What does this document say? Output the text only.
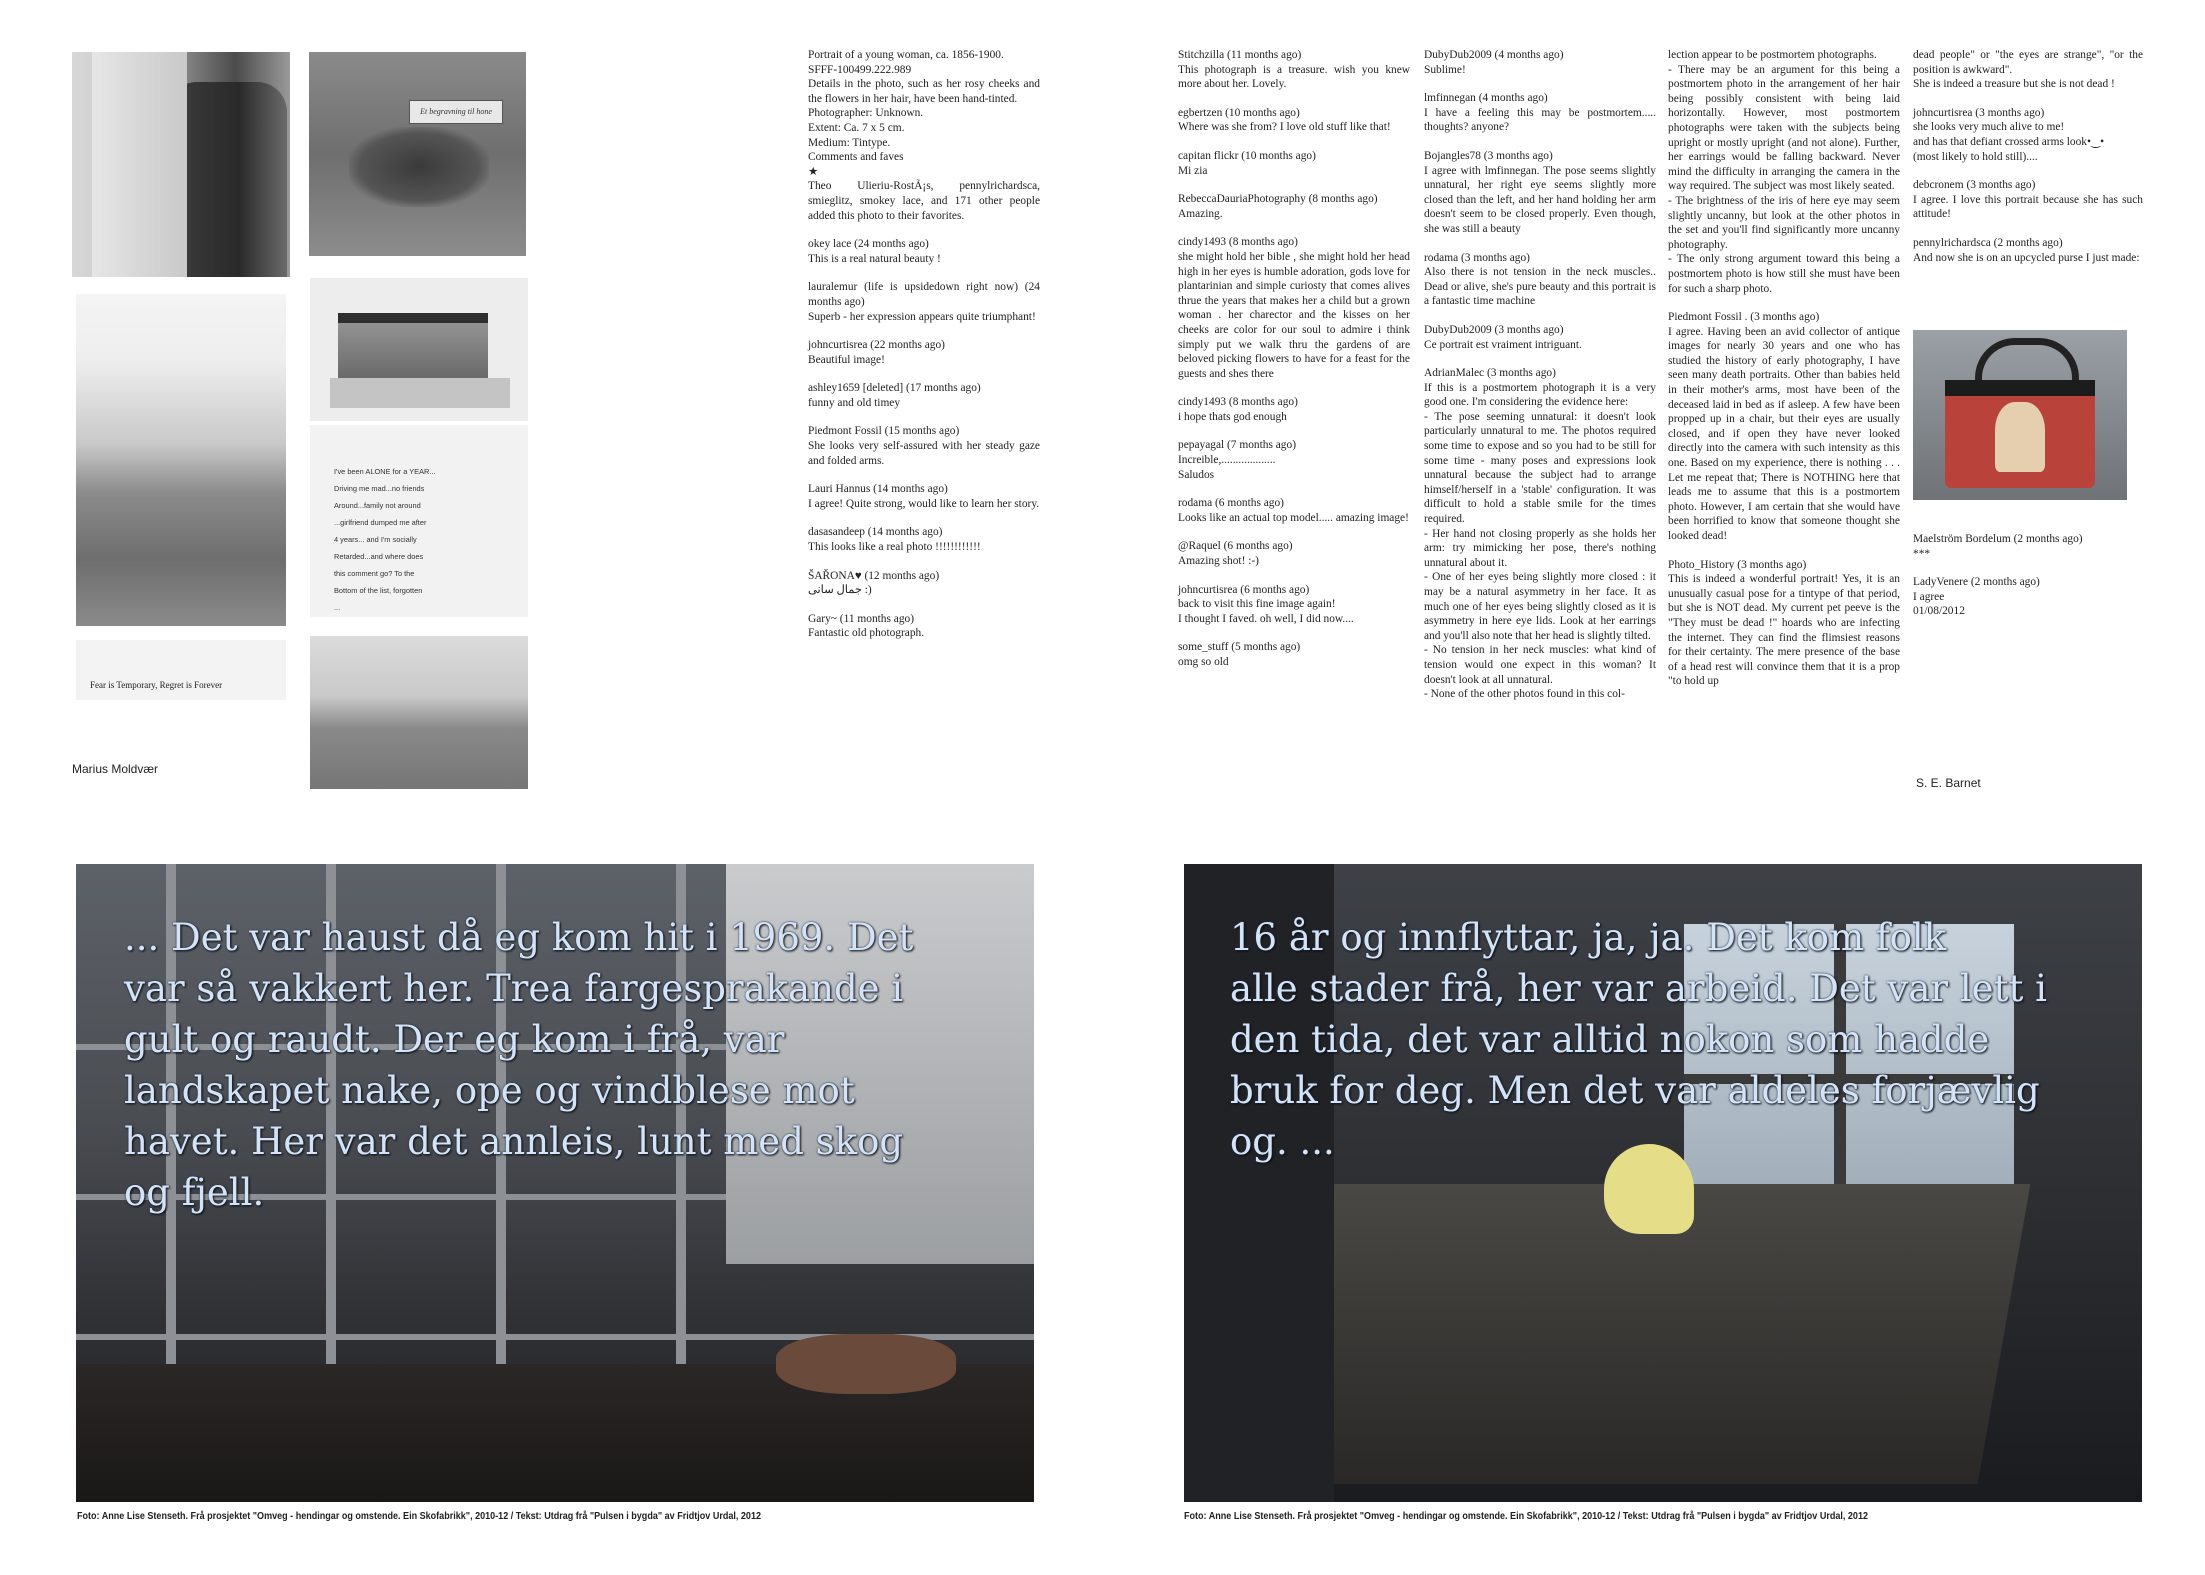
Et begravning til hone
Fear is Temporary, Regret is Forever
I've been ALONE for a YEAR...
Driving me mad...no friends
Around...family not around
...girlfriend dumped me after
4 years... and I'm socially
Retarded...and where does
this comment go? To the
Bottom of the list, forgotten
...
Marius Moldvær

Portrait of a young woman, ca. 1856-1900.
SFFF-100499.222.989
Details in the photo, such as her rosy cheeks and the flowers in her hair, have been hand-tinted.
Photographer: Unknown.
Extent: Ca. 7 x 5 cm.
Medium: Tintype.
Comments and faves
★
Theo Ulieriu-RostÃ¡s, pennylrichardsca, smieglitz, smokey lace, and 171 other people added this photo to their favorites.

okey lace (24 months ago)
This is a real natural beauty !

lauralemur (life is upsidedown right now) (24 months ago)
Superb - her expression appears quite triumphant!

johncurtisrea (22 months ago)
Beautiful image!

ashley1659 [deleted] (17 months ago)
funny and old timey

Piedmont Fossil (15 months ago)
She looks very self-assured with her steady gaze and folded arms.

Lauri Hannus (14 months ago)
I agree! Quite strong, would like to learn her story.

dasasandeep (14 months ago)
This looks like a real photo !!!!!!!!!!!!

ŠΑŘΟΝΑ♥ (12 months ago)
جمال سانی :)

Gary~ (11 months ago)
Fantastic old photograph.

Stitchzilla (11 months ago)
This photograph is a treasure. wish you knew more about her. Lovely.

egbertzen (10 months ago)
Where was she from? I love old stuff like that!

capitan flickr (10 months ago)
Mi zia

RebeccaDauriaPhotography (8 months ago)
Amazing.

cindy1493 (8 months ago)
she might hold her bible , she might hold her head high in her eyes is humble adoration, gods love for plantarinian and simple curiosty that comes alives thrue the years that makes her a child but a grown woman . her charector and the kisses on her cheeks are color for our soul to admire i think simply put we walk thru the gardens of are beloved picking flowers to have for a feast for the guests and shes there

cindy1493 (8 months ago)
i hope thats god enough

pepayagal (7 months ago)
Increible,...................
Saludos

rodama (6 months ago)
Looks like an actual top model..... amazing image!

@Raquel (6 months ago)
Amazing shot! :-)

johncurtisrea (6 months ago)
back to visit this fine image again!
I thought I faved. oh well, I did now....

some_stuff (5 months ago)
omg so old

DubyDub2009 (4 months ago)
Sublime!

lmfinnegan (4 months ago)
I have a feeling this may be postmortem..... thoughts? anyone?

Bojangles78 (3 months ago)
I agree with lmfinnegan. The pose seems slightly unnatural, her right eye seems slightly more closed than the left, and her hand holding her arm doesn't seem to be closed properly. Even though, she was still a beauty

rodama (3 months ago)
Also there is not tension in the neck muscles.. Dead or alive, she's pure beauty and this portrait is a fantastic time machine

DubyDub2009 (3 months ago)
Ce portrait est vraiment intriguant.

AdrianMalec (3 months ago)
If this is a postmortem photograph it is a very good one. I'm considering the evidence here:
- The pose seeming unnatural: it doesn't look particularly unnatural to me. The photos required some time to expose and so you had to be still for some time - many poses and expressions look unnatural because the subject had to arrange himself/herself in a 'stable' configuration. It was difficult to hold a stable smile for the times required.
- Her hand not closing properly as she holds her arm: try mimicking her pose, there's nothing unnatural about it.
- One of her eyes being slightly more closed : it may be a natural asymmetry in her face. It as much one of her eyes being slightly closed as it is asymmetry in here eye lids. Look at her earrings and you'll also note that her head is slightly tilted.
- No tension in her neck muscles: what kind of tension would one expect in this woman? It doesn't look at all unnatural.
- None of the other photos found in this col-

lection appear to be postmortem photographs.
- There may be an argument for this being a postmortem photo in the arrangement of her hair being possibly consistent with being laid horizontally. However, most postmortem photographs were taken with the subjects being upright or mostly upright (and not alone). Further, her earrings would be falling backward. Never mind the difficulty in arranging the camera in the way required. The subject was most likely seated.
- The brightness of the iris of here eye may seem slightly uncanny, but look at the other photos in the set and you'll find significantly more uncanny photography.
- The only strong argument toward this being a postmortem photo is how still she must have been for such a sharp photo.

Piedmont Fossil . (3 months ago)
I agree. Having been an avid collector of antique images for nearly 30 years and one who has studied the history of early photography, I have seen many death portraits. Other than babies held in their mother's arms, most have been of the deceased laid in bed as if asleep. A few have been propped up in a chair, but their eyes are usually closed, and if open they have never looked directly into the camera with such intensity as this one. Based on my experience, there is nothing . . . Let me repeat that; There is NOTHING here that leads me to assume that this is a postmortem photo. However, I am certain that she would have been horrified to know that someone thought she looked dead!

Photo_History (3 months ago)
This is indeed a wonderful portrait! Yes, it is an unusually casual pose for a tintype of that period, but she is NOT dead. My current pet peeve is the "They must be dead !" hoards who are infecting the internet. They can find the flimsiest reasons for their certainty. The mere presence of the base of a head rest will convince them that it is a prop "to hold up

dead people" or "the eyes are strange", "or the position is awkward".
She is indeed a treasure but she is not dead !

johncurtisrea (3 months ago)
she looks very much alive to me!
and has that defiant crossed arms look•‿•
(most likely to hold still)....

debcronem (3 months ago)
I agree. I love this portrait because she has such attitude!

pennylrichardsca (2 months ago)
And now she is on an upcycled purse I just made:

Maelström Bordelum (2 months ago)
***

LadyVenere (2 months ago)
I agree
01/08/2012

S. E. Barnet
... Det var haust då eg kom hit i 1969. Det
var så vakkert her. Trea fargesprakande i
gult og raudt. Der eg kom i frå, var
landskapet nake, ope og vindblese mot
havet. Her var det annleis, lunt med skog
og fjell.
Foto: Anne Lise Stenseth. Frå prosjektet "Omveg - hendingar og omstende. Ein Skofabrikk", 2010-12 / Tekst: Utdrag frå "Pulsen i bygda" av Fridtjov Urdal, 2012
16 år og innflyttar, ja, ja. Det kom folk
alle stader frå, her var arbeid. Det var lett i
den tida, det var alltid nokon som hadde
bruk for deg. Men det var aldeles forjævlig
og. ...
Foto: Anne Lise Stenseth. Frå prosjektet "Omveg - hendingar og omstende. Ein Skofabrikk", 2010-12 / Tekst: Utdrag frå "Pulsen i bygda" av Fridtjov Urdal, 2012
